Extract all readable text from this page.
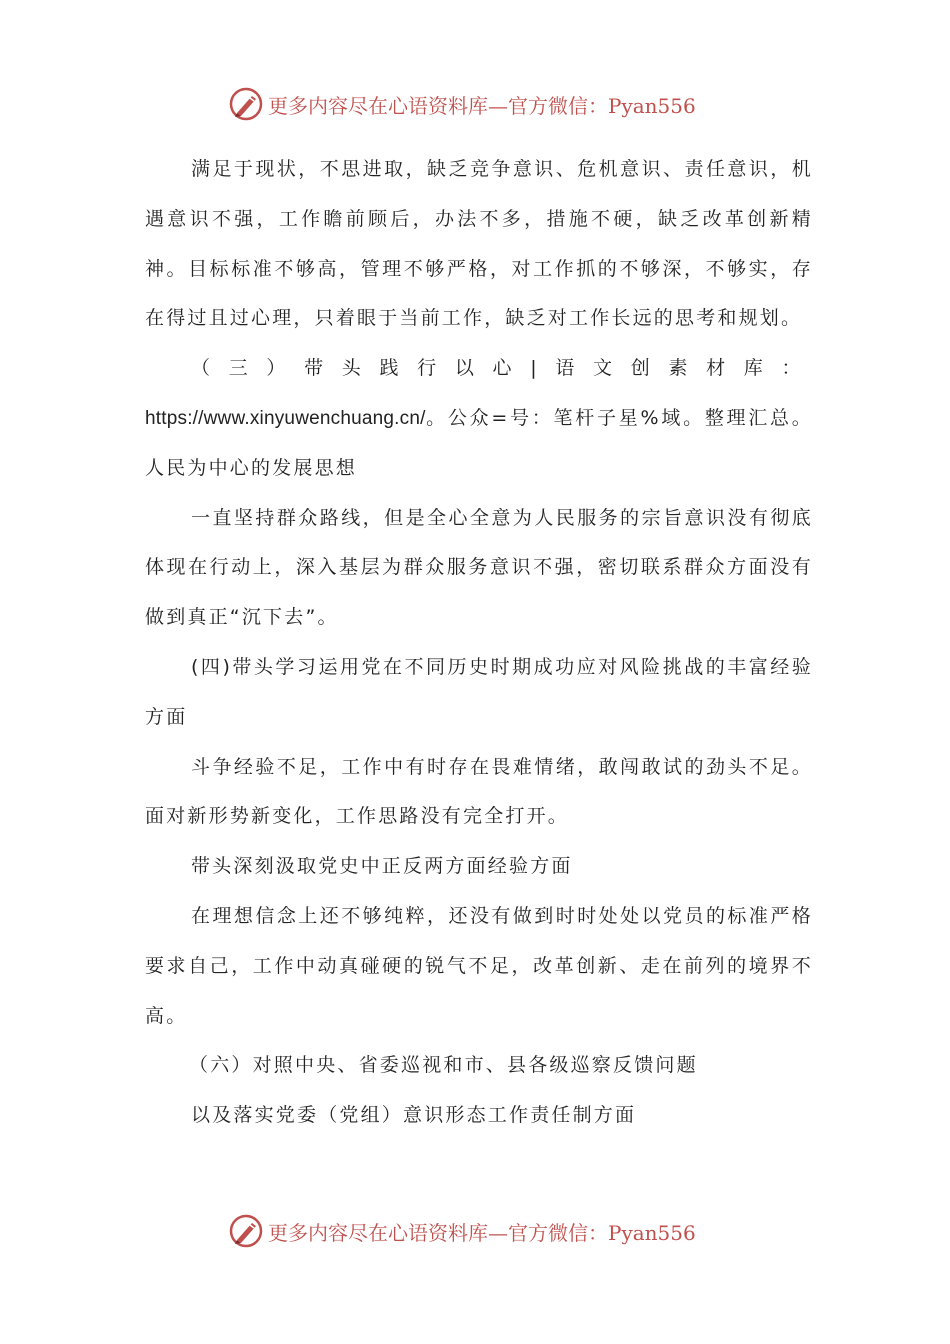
更多内容尽在心语资料库—官方微信：Pyan556

满足于现状，不思进取，缺乏竞争意识、危机意识、责任意识，机遇意识不强，工作瞻前顾后，办法不多，措施不硬，缺乏改革创新精神。目标标准不够高，管理不够严格，对工作抓的不够深，不够实，存在得过且过心理，只着眼于当前工作，缺乏对工作长远的思考和规划。

（三）带头践行以心|语文创素材库：https://www.xinyuwenchuang.cn/。公众=号：笔杆子星%域。整理汇总。人民为中心的发展思想

一直坚持群众路线，但是全心全意为人民服务的宗旨意识没有彻底体现在行动上，深入基层为群众服务意识不强，密切联系群众方面没有做到真正“沉下去”。

(四)带头学习运用党在不同历史时期成功应对风险挑战的丰富经验方面

斗争经验不足，工作中有时存在畏难情绪，敢闯敢试的劲头不足。面对新形势新变化，工作思路没有完全打开。

带头深刻汲取党史中正反两方面经验方面

在理想信念上还不够纯粹，还没有做到时时处处以党员的标准严格要求自己，工作中动真碰硬的锐气不足，改革创新、走在前列的境界不高。

（六）对照中央、省委巡视和市、县各级巡察反馈问题

以及落实党委（党组）意识形态工作责任制方面

更多内容尽在心语资料库—官方微信：Pyan556
